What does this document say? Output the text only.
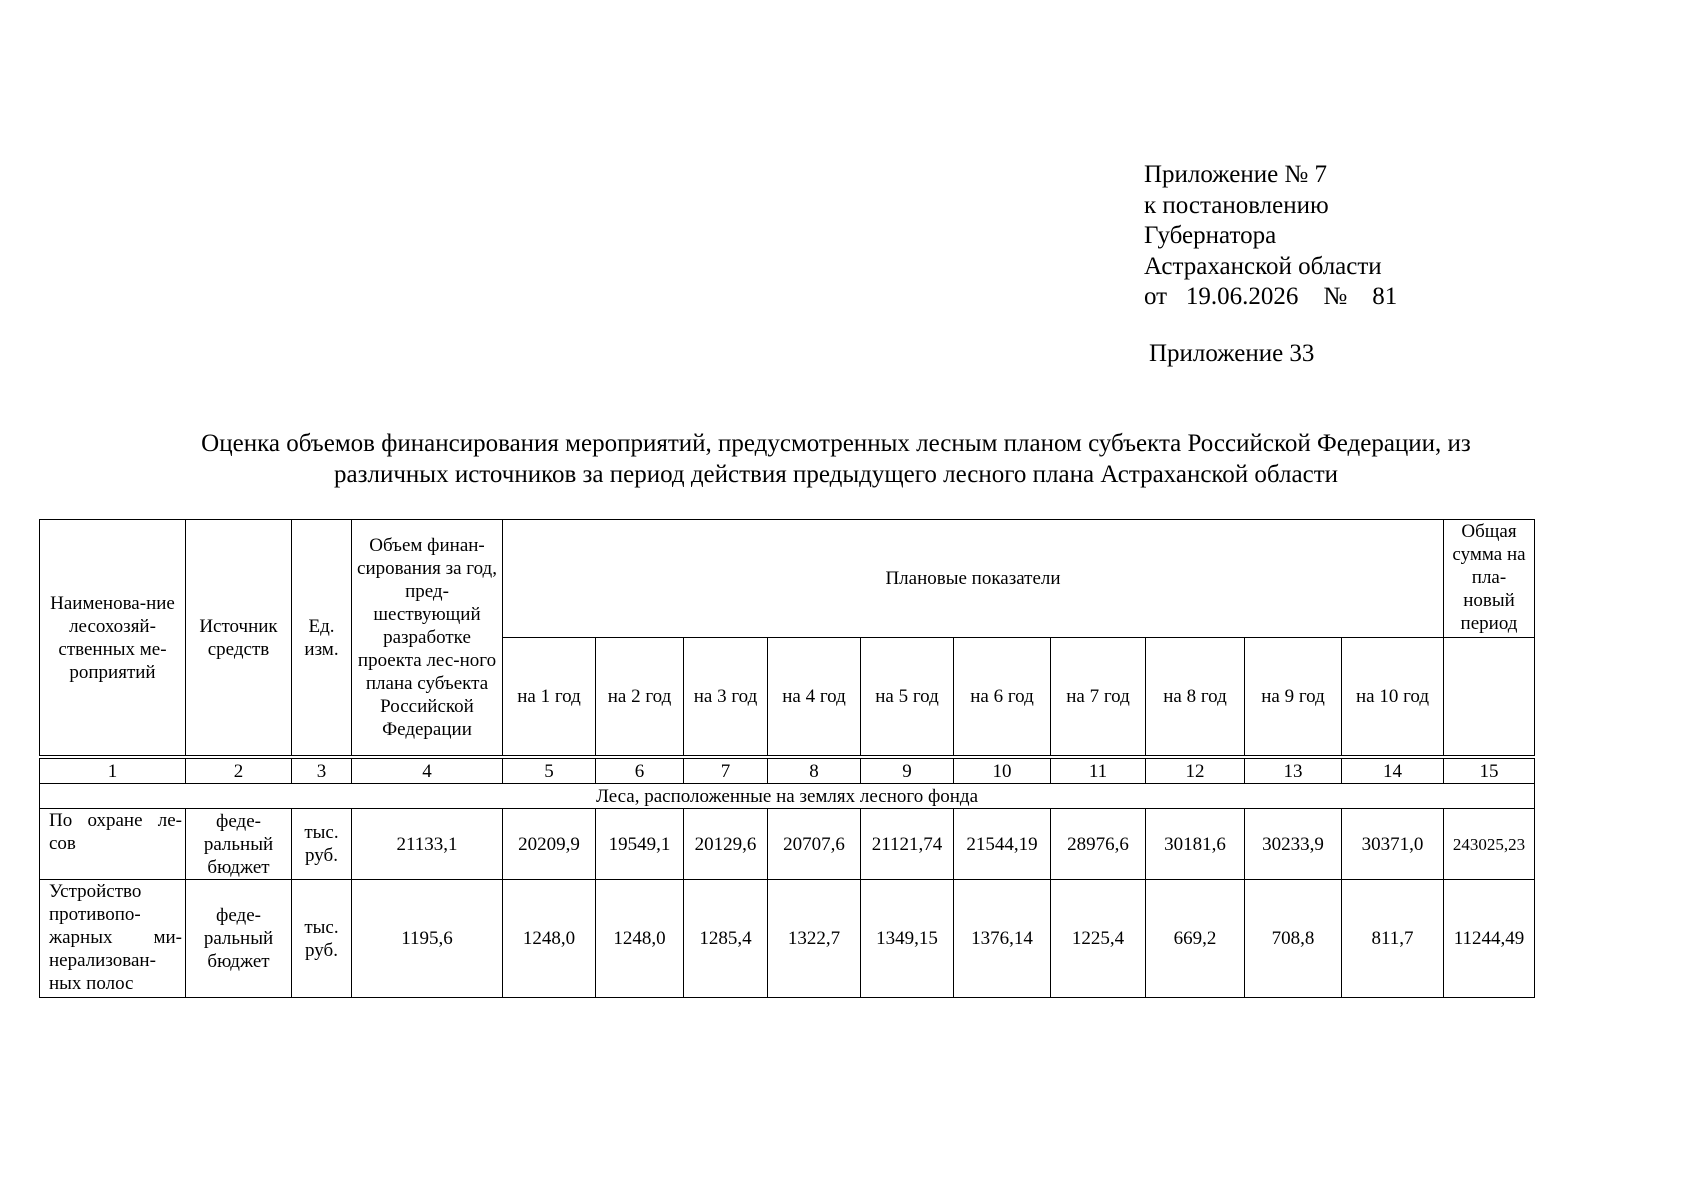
Приложение № 7
к постановлению
Губернатора
Астраханской области
от   19.06.2026    №    81
Приложение 33
Оценка объемов финансирования мероприятий, предусмотренных лесным планом субъекта Российской Федерации, из различных источников за период действия предыдущего лесного плана Астраханской области
Наименова-ние лесохозяй-ственных ме-роприятий	Источник средств	Ед. изм.	Объем финан-сирования за год, пред-шествующий разработке проекта лес-ного плана субъекта Российской Федерации	Плановые показатели										Общая сумма на пла-новый период
				на 1 год	на 2 год	на 3 год	на 4 год	на 5 год	на 6 год	на 7 год	на 8 год	на 9 год	на 10 год	
1	2	3	4	5	6	7	8	9	10	11	12	13	14	15
Леса, расположенные на землях лесного фонда														

По охране ле-
сов	феде-ральный бюджет	тыс. руб.	21133,1	20209,9	19549,1	20129,6	20707,6	21121,74	21544,19	28976,6	30181,6	30233,9	30371,0	243025,23

Устройство
противопо-
жарных ми-
нерализован-
ных полос	феде-ральный бюджет	тыс. руб.	1195,6	1248,0	1248,0	1285,4	1322,7	1349,15	1376,14	1225,4	669,2	708,8	811,7	11244,49
